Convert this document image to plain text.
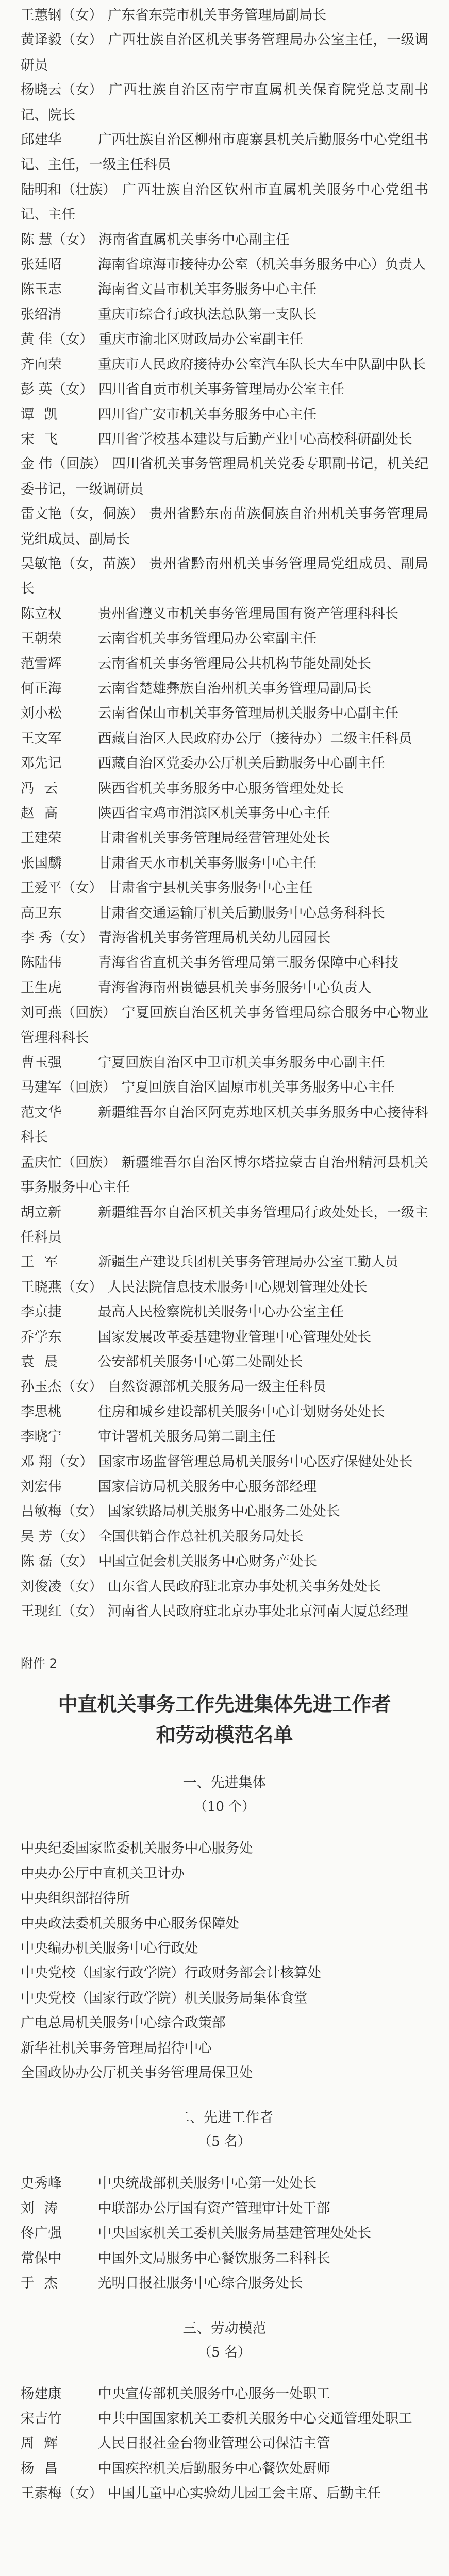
王蕙钢（女） 广东省东莞市机关事务管理局副局长

黄译毅（女） 广西壮族自治区机关事务管理局办公室主任，一级调研员

杨晓云（女） 广西壮族自治区南宁市直属机关保育院党总支副书记、院长

邱建华	广西壮族自治区柳州市鹿寨县机关后勤服务中心党组书记、主任，一级主任科员

陆明和（壮族） 广西壮族自治区钦州市直属机关服务中心党组书记、主任

陈 慧（女） 海南省直属机关事务中心副主任

张廷昭	海南省琼海市接待办公室（机关事务服务中心）负责人

陈玉志	海南省文昌市机关事务服务中心主任

张绍清	重庆市综合行政执法总队第一支队长

黄 佳（女） 重庆市渝北区财政局办公室副主任

齐向荣	重庆市人民政府接待办公室汽车队长大车中队副中队长

彭 英（女） 四川省自贡市机关事务管理局办公室主任

谭 凯	四川省广安市机关事务服务中心主任

宋 飞	四川省学校基本建设与后勤产业中心高校科研副处长

金 伟（回族） 四川省机关事务管理局机关党委专职副书记，机关纪委书记，一级调研员

雷文艳（女，侗族） 贵州省黔东南苗族侗族自治州机关事务管理局党组成员、副局长

吴敏艳（女，苗族） 贵州省黔南州机关事务管理局党组成员、副局长

陈立权	贵州省遵义市机关事务管理局国有资产管理科科长

王朝荣	云南省机关事务管理局办公室副主任

范雪辉	云南省机关事务管理局公共机构节能处副处长

何正海	云南省楚雄彝族自治州机关事务管理局副局长

刘小松	云南省保山市机关事务管理局机关服务中心副主任

王文军	西藏自治区人民政府办公厅（接待办）二级主任科员

邓先记	西藏自治区党委办公厅机关后勤服务中心副主任

冯 云	陕西省机关事务服务中心服务管理处处长

赵 高	陕西省宝鸡市渭滨区机关事务中心主任

王建荣	甘肃省机关事务管理局经营管理处处长

张国麟	甘肃省天水市机关事务服务中心主任

王爱平（女） 甘肃省宁县机关事务服务中心主任

高卫东	甘肃省交通运输厅机关后勤服务中心总务科科长

李 秀（女） 青海省机关事务管理局机关幼儿园园长

陈陆伟	青海省省直机关事务管理局第三服务保障中心科技

王生虎	青海省海南州贵德县机关事务服务中心负责人

刘可燕（回族） 宁夏回族自治区机关事务管理局综合服务中心物业管理科科长

曹玉强	宁夏回族自治区中卫市机关事务服务中心副主任

马建军（回族） 宁夏回族自治区固原市机关事务服务中心主任

范文华	新疆维吾尔自治区阿克苏地区机关事务服务中心接待科科长

孟庆忙（回族） 新疆维吾尔自治区博尔塔拉蒙古自治州精河县机关事务服务中心主任

胡立新	新疆维吾尔自治区机关事务管理局行政处处长，一级主任科员

王 军	新疆生产建设兵团机关事务管理局办公室工勤人员

王晓燕（女） 人民法院信息技术服务中心规划管理处处长

李京捷	最高人民检察院机关服务中心办公室主任

乔学东	国家发展改革委基建物业管理中心管理处处长

袁 晨	公安部机关服务中心第二处副处长

孙玉杰（女） 自然资源部机关服务局一级主任科员

李思桃	住房和城乡建设部机关服务中心计划财务处处长

李晓宁	审计署机关服务局第二副主任

邓 翔（女） 国家市场监督管理总局机关服务中心医疗保健处处长

刘宏伟	国家信访局机关服务中心服务部经理

吕敏梅（女） 国家铁路局机关服务中心服务二处处长

吴 芳（女） 全国供销合作总社机关服务局处长

陈 磊（女） 中国宣促会机关服务中心财务产处长

刘俊凌（女） 山东省人民政府驻北京办事处机关事务处处长

王现红（女） 河南省人民政府驻北京办事处北京河南大厦总经理

附件 2
中直机关事务工作先进集体先进工作者
和劳动模范名单
一、先进集体
（10 个）

中央纪委国家监委机关服务中心服务处

中央办公厅中直机关卫计办

中央组织部招待所

中央政法委机关服务中心服务保障处

中央编办机关服务中心行政处

中央党校（国家行政学院）行政财务部会计核算处

中央党校（国家行政学院）机关服务局集体食堂

广电总局机关服务中心综合政策部

新华社机关事务管理局招待中心

全国政协办公厅机关事务管理局保卫处

二、先进工作者
（5 名）

史秀峰	中央统战部机关服务中心第一处处长

刘 涛	中联部办公厅国有资产管理审计处干部

佟广强	中央国家机关工委机关服务局基建管理处处长

常保中	中国外文局服务中心餐饮服务二科科长

于 杰	光明日报社服务中心综合服务处长

三、劳动模范
（5 名）

杨建康	中央宣传部机关服务中心服务一处职工

宋吉竹	中共中国国家机关工委机关服务中心交通管理处职工

周 辉	人民日报社金台物业管理公司保洁主管

杨 昌	中国疾控机关后勤服务中心餐饮处厨师

王素梅（女） 中国儿童中心实验幼儿园工会主席、后勤主任
